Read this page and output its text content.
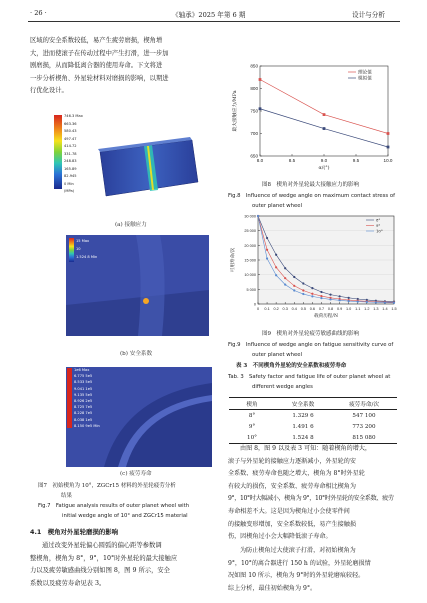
· 26 ·	《轴承》2025 年第 6 期	设计与分析
区域的安全系数较低，易产生疲劳磨损，楔角增
大，进而使滚子在传动过程中产生打滑，进一步加
剧磨损，从而降低离合器的使用寿命。下文将进
一步分析楔角、外星轮材料对磨损的影响，以期进
行优化设计。
746.3 Max
663.36
580.43
497.47
414.72
331.78
248.83
165.89
82.945
0 Min
(MPa)
(a) 接触应力
15 Max
10
1.524 8 Min
(b) 安全系数
1e6 Max
6.775 5e5
8.533 5e5
9.041 1e5
9.135 5e5
8.926 2e5
8.725 7e5
8.228 7e5
8.038 1e5
8.150 9e5 Min
(c) 疲劳寿命
图7　初始楔角为 10°，ZGCr15 材料的外星轮疲劳分析
结果
Fig.7　Fatigue analysis results of outer planet wheel with
initial wedge angle of 10° and ZGCr15 material
4.1　楔角对外星轮磨损的影响
通过改变外星轮偏心圆弧的偏心距等参数调
整楔角，楔角为 8°，9°，10°时外星轮的最大接触应
力以及疲劳敏感曲线分别如图 8，图 9 所示，安全
系数以及疲劳寿命见表 3。
650
700
750
800
850
8.0	8.5	9.0	9.5	10.0
α/(°)
最大接触应力/MPa
理论值
模拟值
图8　楔角对外星轮最大接触应力的影响
Fig.8　Influence of wedge angle on maximum contact stress of
outer planet wheel
0
5 000
10 000
15 000
20 000
25 000
30 000
0 0.1 0.2 0.3 0.4 0.5 0.6 0.7 0.8 0.9 1.0 1.1 1.2 1.3 1.4 1.5
载荷历程/N
可用寿命/次
8°
9°
10°
图9　楔角对外星轮疲劳敏感曲线的影响
Fig.9　Influence of wedge angle on fatigue sensitivity curve of
outer planet wheel
表 3　不同楔角外星轮的安全系数和疲劳寿命
Tab. 3　Safety factor and fatigue life of outer planet wheel at
different wedge angles
楔角	安全系数	疲劳寿命/次
8°	1.329 6	547 100
9°	1.491 6	773 200
10°	1.524 8	815 080
由图 8，图 9 以及表 3 可知：随着楔角的增大，
滚子与外星轮的接触应力逐渐减小，外星轮的安
全系数、疲劳寿命也随之增大，楔角为 8°时外星轮
有较大的损伤，安全系数、疲劳寿命相比楔角为
9°，10°时大幅减小，楔角为 9°，10°时外星轮的安全系数、疲劳
寿命相差不大。这是因为楔角过小会使零件间
的接触变形增加，安全系数较低，易产生接触损
伤，因楔角过小会大幅降低滚子寿命。
为防止楔角过大使滚子打滑，对初始楔角为
9°，10°的离合器进行 150 h 的试验，外星轮磨损情
况如图 10 所示，楔角为 9°时的外星轮磨痕较轻。
综上分析，最佳初始楔角为 9°。
